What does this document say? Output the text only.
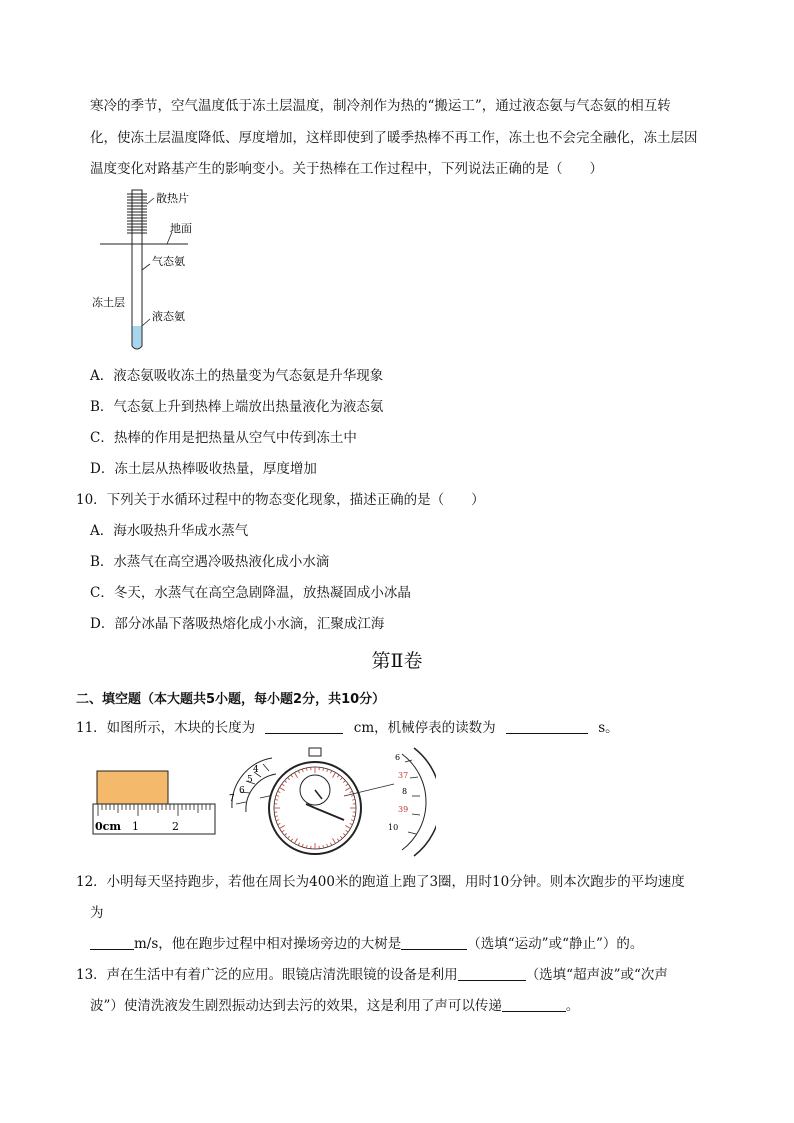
寒冷的季节，空气温度低于冻土层温度，制冷剂作为热的“搬运工”，通过液态氨与气态氨的相互转
化，使冻土层温度降低、厚度增加，这样即使到了暖季热棒不再工作，冻土也不会完全融化，冻土层因
温度变化对路基产生的影响变小。关于热棒在工作过程中，下列说法正确的是（　　）
散热片
地面
气态氨
冻土层
液态氨
A．液态氨吸收冻土的热量变为气态氨是升华现象
B．气态氨上升到热棒上端放出热量液化为液态氨
C．热棒的作用是把热量从空气中传到冻土中
D．冻土层从热棒吸收热量，厚度增加
10．下列关于水循环过程中的物态变化现象，描述正确的是（　　）
A．海水吸热升华成水蒸气
B．水蒸气在高空遇冷吸热液化成小水滴
C．冬天，水蒸气在高空急剧降温，放热凝固成小冰晶
D．部分冰晶下落吸热熔化成小水滴，汇聚成江海
第Ⅱ卷
二、填空题（本大题共5小题，每小题2分，共10分）
11．如图所示，木块的长度为	cm，机械停表的读数为	s。
0cm 1	2
4
5
6
7
6
37
8
39
10
12．小明每天坚持跑步，若他在周长为400米的跑道上跑了3圈，用时10分钟。则本次跑步的平均速度
为
m/s，他在跑步过程中相对操场旁边的大树是	（选填“运动”或“静止”）的。
13．声在生活中有着广泛的应用。眼镜店清洗眼镜的设备是利用	（选填“超声波”或“次声
波”）使清洗液发生剧烈振动达到去污的效果，这是利用了声可以传递	。
